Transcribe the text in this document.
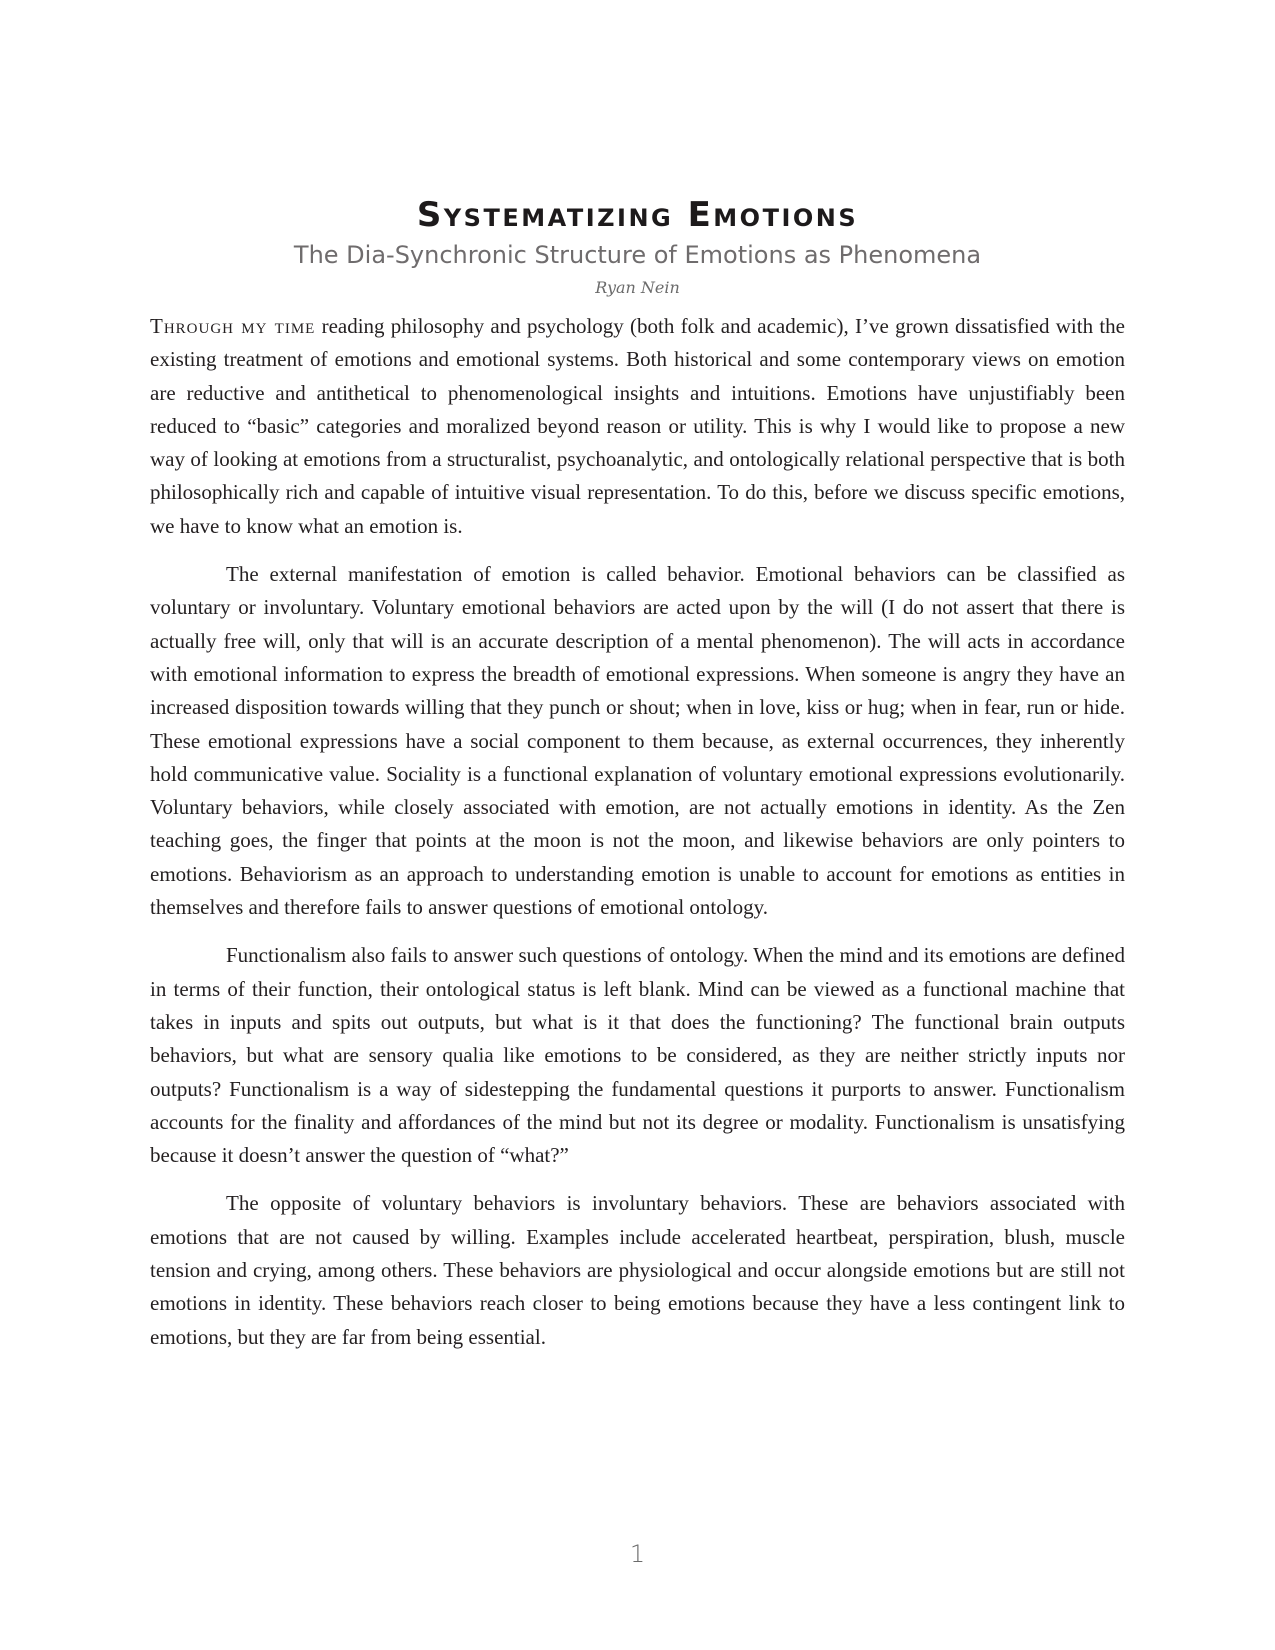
Systematizing Emotions
The Dia-Synchronic Structure of Emotions as Phenomena
Ryan Nein

Through my time reading philosophy and psychology (both folk and academic), I’ve grown dissatisfied with the existing treatment of emotions and emotional systems. Both historical and some contemporary views on emotion are reductive and antithetical to phenomenological insights and intuitions. Emotions have unjustifiably been reduced to “basic” categories and moralized beyond reason or utility. This is why I would like to propose a new way of looking at emotions from a structuralist, psychoanalytic, and ontologically relational perspective that is both philosophically rich and capable of intuitive visual representation. To do this, before we discuss specific emotions, we have to know what an emotion is.

The external manifestation of emotion is called behavior. Emotional behaviors can be classified as voluntary or involuntary. Voluntary emotional behaviors are acted upon by the will (I do not assert that there is actually free will, only that will is an accurate description of a mental phenomenon). The will acts in accordance with emotional information to express the breadth of emotional expressions. When someone is angry they have an increased disposition towards willing that they punch or shout; when in love, kiss or hug; when in fear, run or hide. These emotional expressions have a social component to them because, as external occurrences, they inherently hold communicative value. Sociality is a functional explanation of voluntary emotional expressions evolutionarily. Voluntary behaviors, while closely associated with emotion, are not actually emotions in identity. As the Zen teaching goes, the finger that points at the moon is not the moon, and likewise behaviors are only pointers to emotions. Behaviorism as an approach to understanding emotion is unable to account for emotions as entities in themselves and therefore fails to answer questions of emotional ontology.

Functionalism also fails to answer such questions of ontology. When the mind and its emotions are defined in terms of their function, their ontological status is left blank. Mind can be viewed as a functional machine that takes in inputs and spits out outputs, but what is it that does the functioning? The functional brain outputs behaviors, but what are sensory qualia like emotions to be considered, as they are neither strictly inputs nor outputs? Functionalism is a way of sidestepping the fundamental questions it purports to answer. Functionalism accounts for the finality and affordances of the mind but not its degree or modality. Functionalism is unsatisfying because it doesn’t answer the question of “what?”

The opposite of voluntary behaviors is involuntary behaviors. These are behaviors associated with emotions that are not caused by willing. Examples include accelerated heartbeat, perspiration, blush, muscle tension and crying, among others. These behaviors are physiological and occur alongside emotions but are still not emotions in identity. These behaviors reach closer to being emotions because they have a less contingent link to emotions, but they are far from being essential.

1
